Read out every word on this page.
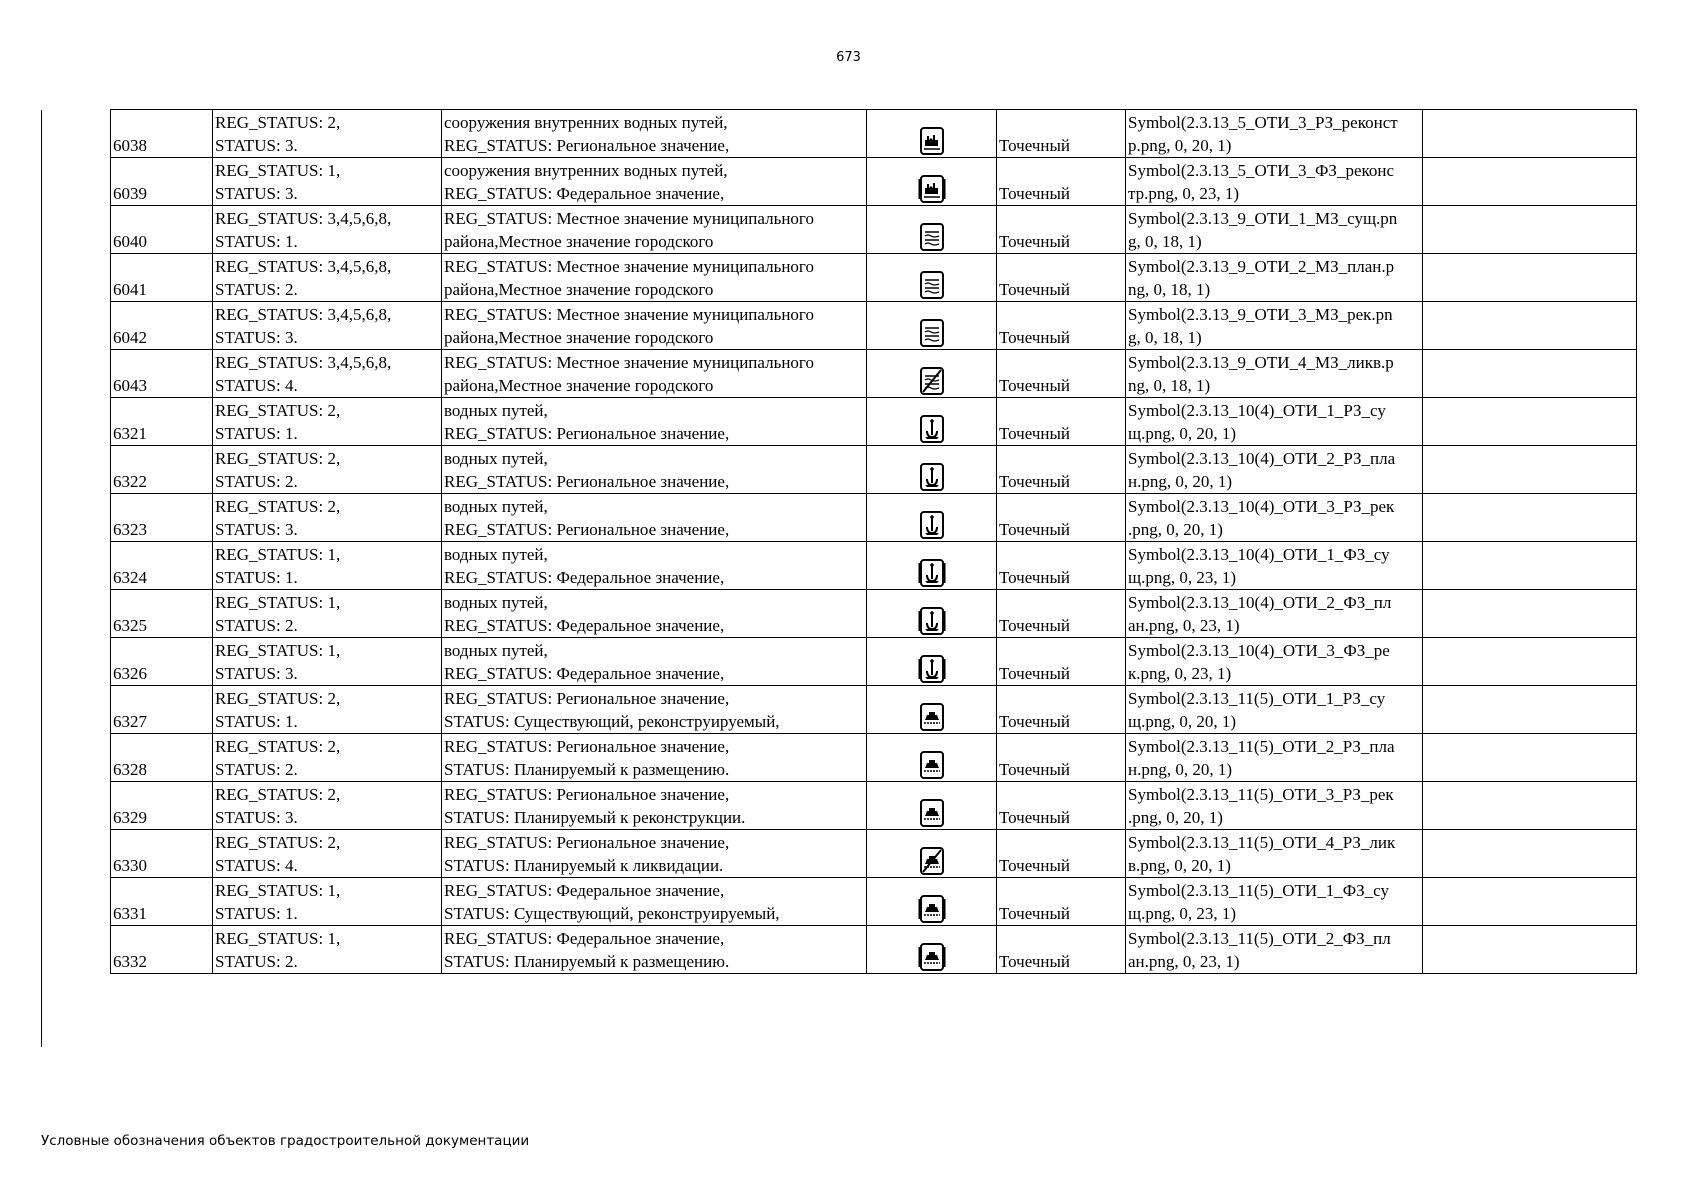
673
6038	REG_STATUS: 2,
STATUS: 3.	сооружения внутренних водных путей,
REG_STATUS: Региональное значение,		Точечный	Symbol(2.3.13_5_ОТИ_3_РЗ_реконст
р.png, 0, 20, 1)	

6039	REG_STATUS: 1,
STATUS: 3.	сооружения внутренних водных путей,
REG_STATUS: Федеральное значение,		Точечный	Symbol(2.3.13_5_ОТИ_3_ФЗ_реконс
тр.png, 0, 23, 1)	

6040	REG_STATUS: 3,4,5,6,8,
STATUS: 1.	REG_STATUS: Местное значение муниципального
района,Местное значение городского		Точечный	Symbol(2.3.13_9_ОТИ_1_МЗ_сущ.pn
g, 0, 18, 1)	

6041	REG_STATUS: 3,4,5,6,8,
STATUS: 2.	REG_STATUS: Местное значение муниципального
района,Местное значение городского		Точечный	Symbol(2.3.13_9_ОТИ_2_МЗ_план.p
ng, 0, 18, 1)	

6042	REG_STATUS: 3,4,5,6,8,
STATUS: 3.	REG_STATUS: Местное значение муниципального
района,Местное значение городского		Точечный	Symbol(2.3.13_9_ОТИ_3_МЗ_рек.pn
g, 0, 18, 1)	

6043	REG_STATUS: 3,4,5,6,8,
STATUS: 4.	REG_STATUS: Местное значение муниципального
района,Местное значение городского		Точечный	Symbol(2.3.13_9_ОТИ_4_МЗ_ликв.p
ng, 0, 18, 1)	

6321	REG_STATUS: 2,
STATUS: 1.	водных путей,
REG_STATUS: Региональное значение,		Точечный	Symbol(2.3.13_10(4)_ОТИ_1_РЗ_су
щ.png, 0, 20, 1)	

6322	REG_STATUS: 2,
STATUS: 2.	водных путей,
REG_STATUS: Региональное значение,		Точечный	Symbol(2.3.13_10(4)_ОТИ_2_РЗ_пла
н.png, 0, 20, 1)	

6323	REG_STATUS: 2,
STATUS: 3.	водных путей,
REG_STATUS: Региональное значение,		Точечный	Symbol(2.3.13_10(4)_ОТИ_3_РЗ_рек
.png, 0, 20, 1)	

6324	REG_STATUS: 1,
STATUS: 1.	водных путей,
REG_STATUS: Федеральное значение,		Точечный	Symbol(2.3.13_10(4)_ОТИ_1_ФЗ_су
щ.png, 0, 23, 1)	

6325	REG_STATUS: 1,
STATUS: 2.	водных путей,
REG_STATUS: Федеральное значение,		Точечный	Symbol(2.3.13_10(4)_ОТИ_2_ФЗ_пл
ан.png, 0, 23, 1)	

6326	REG_STATUS: 1,
STATUS: 3.	водных путей,
REG_STATUS: Федеральное значение,		Точечный	Symbol(2.3.13_10(4)_ОТИ_3_ФЗ_ре
к.png, 0, 23, 1)	

6327	REG_STATUS: 2,
STATUS: 1.	REG_STATUS: Региональное значение,
STATUS: Существующий, реконструируемый,		Точечный	Symbol(2.3.13_11(5)_ОТИ_1_РЗ_су
щ.png, 0, 20, 1)	

6328	REG_STATUS: 2,
STATUS: 2.	REG_STATUS: Региональное значение,
STATUS: Планируемый к размещению.		Точечный	Symbol(2.3.13_11(5)_ОТИ_2_РЗ_пла
н.png, 0, 20, 1)	

6329	REG_STATUS: 2,
STATUS: 3.	REG_STATUS: Региональное значение,
STATUS: Планируемый к реконструкции.		Точечный	Symbol(2.3.13_11(5)_ОТИ_3_РЗ_рек
.png, 0, 20, 1)	

6330	REG_STATUS: 2,
STATUS: 4.	REG_STATUS: Региональное значение,
STATUS: Планируемый к ликвидации.		Точечный	Symbol(2.3.13_11(5)_ОТИ_4_РЗ_лик
в.png, 0, 20, 1)	

6331	REG_STATUS: 1,
STATUS: 1.	REG_STATUS: Федеральное значение,
STATUS: Существующий, реконструируемый,		Точечный	Symbol(2.3.13_11(5)_ОТИ_1_ФЗ_су
щ.png, 0, 23, 1)	

6332	REG_STATUS: 1,
STATUS: 2.	REG_STATUS: Федеральное значение,
STATUS: Планируемый к размещению.		Точечный	Symbol(2.3.13_11(5)_ОТИ_2_ФЗ_пл
ан.png, 0, 23, 1)	

Условные обозначения объектов градостроительной документации
